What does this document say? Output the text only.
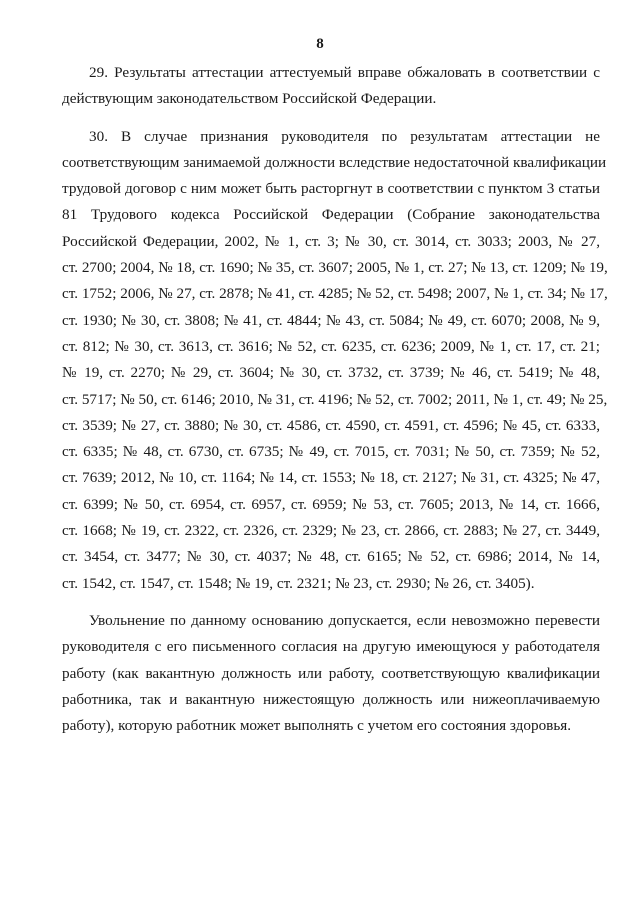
8
29. Результаты аттестации аттестуемый вправе обжаловать в соответствии с
действующим законодательством Российской Федерации.
30. В случае признания руководителя по результатам аттестации не
соответствующим занимаемой должности вследствие недостаточной квалификации
трудовой договор с ним может быть расторгнут в соответствии с пунктом 3 статьи
81 Трудового кодекса Российской Федерации (Собрание законодательства
Российской Федерации, 2002, № 1, ст. 3; № 30, ст. 3014, ст. 3033; 2003, № 27,
ст. 2700; 2004, № 18, ст. 1690; № 35, ст. 3607; 2005, № 1, ст. 27; № 13, ст. 1209; № 19,
ст. 1752; 2006, № 27, ст. 2878; № 41, ст. 4285; № 52, ст. 5498; 2007, № 1, ст. 34; № 17,
ст. 1930; № 30, ст. 3808; № 41, ст. 4844; № 43, ст. 5084; № 49, ст. 6070; 2008, № 9,
ст. 812; № 30, ст. 3613, ст. 3616; № 52, ст. 6235, ст. 6236; 2009, № 1, ст. 17, ст. 21;
№ 19, ст. 2270; № 29, ст. 3604; № 30, ст. 3732, ст. 3739; № 46, ст. 5419; № 48,
ст. 5717; № 50, ст. 6146; 2010, № 31, ст. 4196; № 52, ст. 7002; 2011, № 1, ст. 49; № 25,
ст. 3539; № 27, ст. 3880; № 30, ст. 4586, ст. 4590, ст. 4591, ст. 4596; № 45, ст. 6333,
ст. 6335; № 48, ст. 6730, ст. 6735; № 49, ст. 7015, ст. 7031; № 50, ст. 7359; № 52,
ст. 7639; 2012, № 10, ст. 1164; № 14, ст. 1553; № 18, ст. 2127; № 31, ст. 4325; № 47,
ст. 6399; № 50, ст. 6954, ст. 6957, ст. 6959; № 53, ст. 7605; 2013, № 14, ст. 1666,
ст. 1668; № 19, ст. 2322, ст. 2326, ст. 2329; № 23, ст. 2866, ст. 2883; № 27, ст. 3449,
ст. 3454, ст. 3477; № 30, ст. 4037; № 48, ст. 6165; № 52, ст. 6986; 2014, № 14,
ст. 1542, ст. 1547, ст. 1548; № 19, ст. 2321; № 23, ст. 2930; № 26, ст. 3405).
Увольнение по данному основанию допускается, если невозможно перевести
руководителя с его письменного согласия на другую имеющуюся у работодателя
работу (как вакантную должность или работу, соответствующую квалификации
работника, так и вакантную нижестоящую должность или нижеоплачиваемую
работу), которую работник может выполнять с учетом его состояния здоровья.
